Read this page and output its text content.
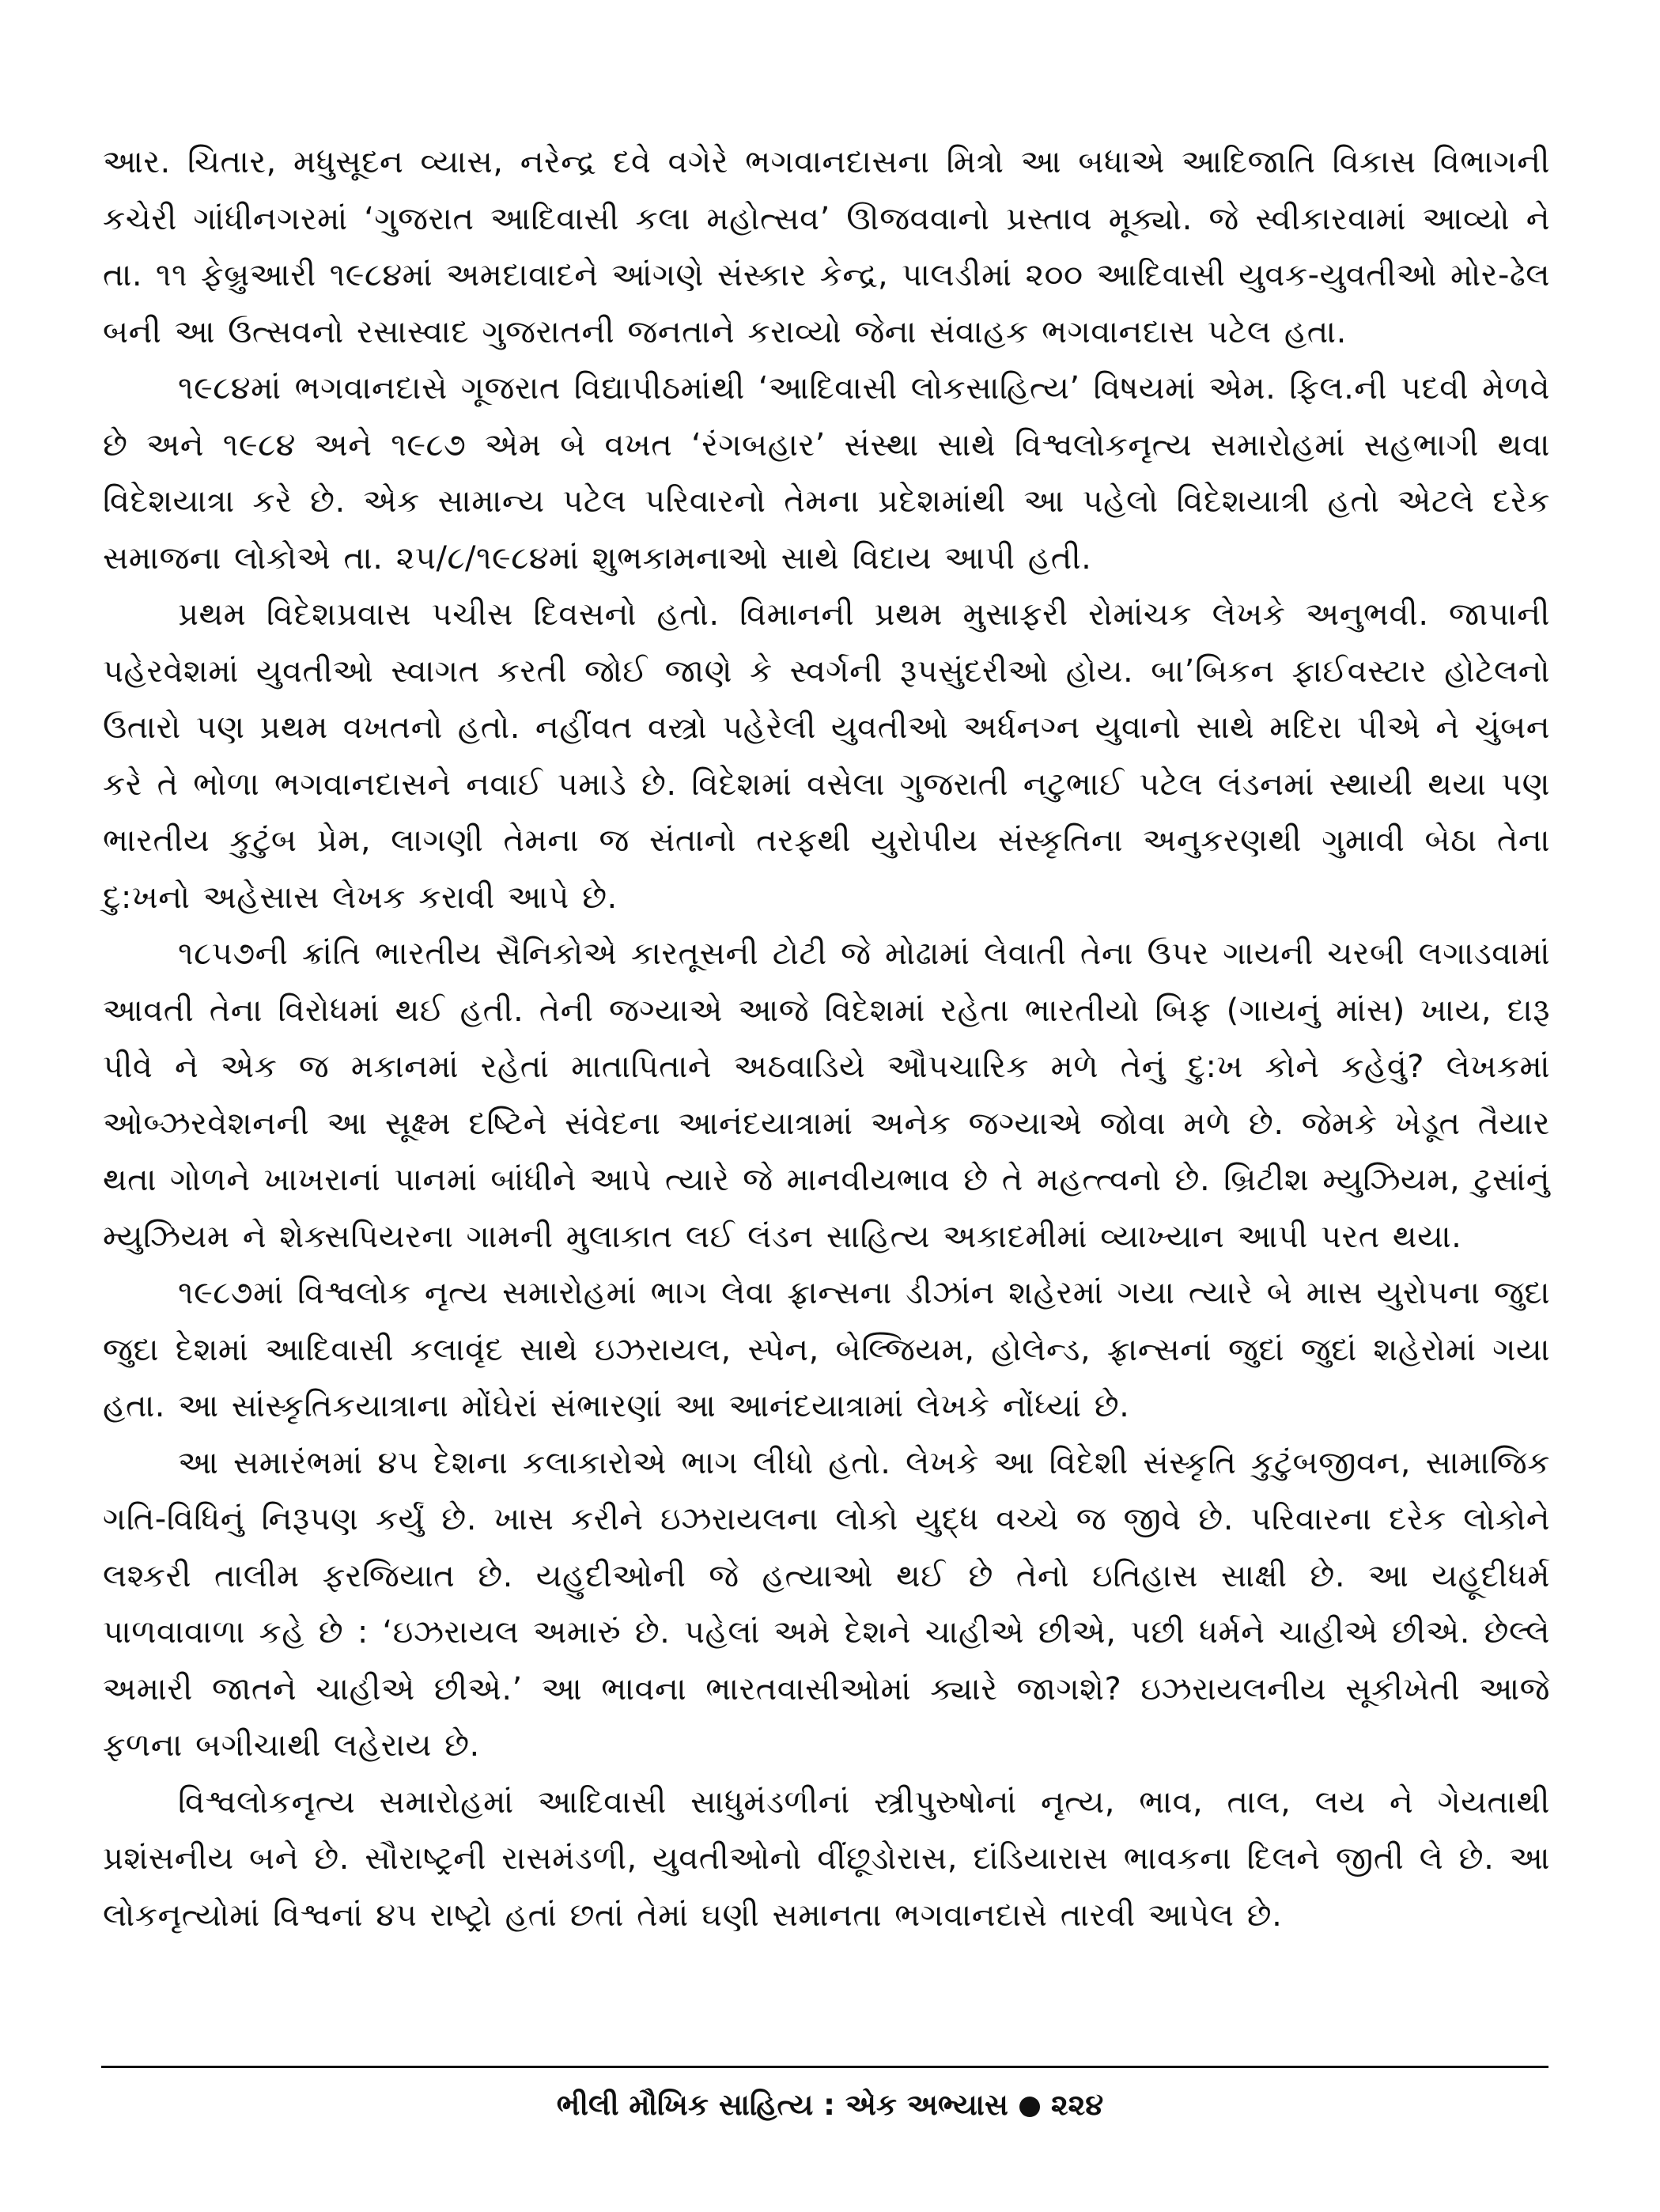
આર. ચિતાર, મધુસૂદન વ્યાસ, નરેન્દ્ર દવે વગેરે ભગવાનદાસના મિત્રો આ બધાએ આદિજાતિ વિકાસ વિભાગની કચેરી ગાંધીનગરમાં ‘ગુજરાત આદિવાસી કલા મહોત્સવ’ ઊજવવાનો પ્રસ્તાવ મૂક્યો. જે સ્વીકારવામાં આવ્યો ને તા. ૧૧ ફેબ્રુઆરી ૧૯૮૪માં અમદાવાદને આંગણે સંસ્કાર કેન્દ્ર, પાલડીમાં ૨૦૦ આદિવાસી યુવક-યુવતીઓ મોર-ઢેલ બની આ ઉત્સવનો રસાસ્વાદ ગુજરાતની જનતાને કરાવ્યો જેના સંવાહક ભગવાનદાસ પટેલ હતા.

૧૯૮૪માં ભગવાનદાસે ગૂજરાત વિદ્યાપીઠમાંથી ‘આદિવાસી લોકસાહિત્ય’ વિષયમાં એમ. ફિલ.ની પદવી મેળવે છે અને ૧૯૮૪ અને ૧૯૮૭ એમ બે વખત ‘રંગબહાર’ સંસ્થા સાથે વિશ્વલોકનૃત્ય સમારોહમાં સહભાગી થવા વિદેશયાત્રા કરે છે. એક સામાન્ય પટેલ પરિવારનો તેમના પ્રદેશમાંથી આ પહેલો વિદેશયાત્રી હતો એટલે દરેક સમાજના લોકોએ તા. ૨૫/૮/૧૯૮૪માં શુભકામનાઓ સાથે વિદાય આપી હતી.

પ્રથમ વિદેશપ્રવાસ પચીસ દિવસનો હતો. વિમાનની પ્રથમ મુસાફરી રોમાંચક લેખકે અનુભવી. જાપાની પહેરવેશમાં યુવતીઓ સ્વાગત કરતી જોઈ જાણે કે સ્વર્ગની રૂપસુંદરીઓ હોય. બા’બિકન ફાઈવસ્ટાર હોટેલનો ઉતારો પણ પ્રથમ વખતનો હતો. નહીંવત વસ્ત્રો પહેરેલી યુવતીઓ અર્ધનગ્ન યુવાનો સાથે મદિરા પીએ ને ચુંબન કરે તે ભોળા ભગવાનદાસને નવાઈ પમાડે છે. વિદેશમાં વસેલા ગુજરાતી નટુભાઈ પટેલ લંડનમાં સ્થાયી થયા પણ ભારતીય કુટુંબ પ્રેમ, લાગણી તેમના જ સંતાનો તરફથી યુરોપીય સંસ્કૃતિના અનુકરણથી ગુમાવી બેઠા તેના દુ:ખનો અહેસાસ લેખક કરાવી આપે છે.

૧૮૫૭ની ક્રાંતિ ભારતીય સૈનિકોએ કારતૂસની ટોટી જે મોઢામાં લેવાતી તેના ઉપર ગાયની ચરબી લગાડવામાં આવતી તેના વિરોધમાં થઈ હતી. તેની જગ્યાએ આજે વિદેશમાં રહેતા ભારતીયો બિફ (ગાયનું માંસ) ખાય, દારૂ પીવે ને એક જ મકાનમાં રહેતાં માતાપિતાને અઠવાડિયે ઔપચારિક મળે તેનું દુ:ખ કોને કહેવું? લેખકમાં ઓબ્ઝરવેશનની આ સૂક્ષ્મ દષ્ટિને સંવેદના આનંદયાત્રામાં અનેક જગ્યાએ જોવા મળે છે. જેમકે ખેડૂત તૈયાર થતા ગોળને ખાખરાનાં પાનમાં બાંધીને આપે ત્યારે જે માનવીયભાવ છે તે મહત્ત્વનો છે. બ્રિટીશ મ્યુઝિયમ, ટુસાંનું મ્યુઝિયમ ને શેક્સપિયરના ગામની મુલાકાત લઈ લંડન સાહિત્ય અકાદમીમાં વ્યાખ્યાન આપી પરત થયા.

૧૯૮૭માં વિશ્વલોક નૃત્ય સમારોહમાં ભાગ લેવા ફ્રાન્સના ડીઝાંન શહેરમાં ગયા ત્યારે બે માસ યુરોપના જુદા જુદા દેશમાં આદિવાસી કલાવૃંદ સાથે ઇઝરાયલ, સ્પેન, બેલ્જિયમ, હોલેન્ડ, ફ્રાન્સનાં જુદાં જુદાં શહેરોમાં ગયા હતા. આ સાંસ્કૃતિકયાત્રાના મોંઘેરાં સંભારણાં આ આનંદયાત્રામાં લેખકે નોંધ્યાં છે.

આ સમારંભમાં ૪૫ દેશના કલાકારોએ ભાગ લીધો હતો. લેખકે આ વિદેશી સંસ્કૃતિ કુટુંબજીવન, સામાજિક ગતિ-વિધિનું નિરૂપણ કર્યું છે. ખાસ કરીને ઇઝરાયલના લોકો યુદ્ધ વચ્ચે જ જીવે છે. પરિવારના દરેક લોકોને લશ્કરી તાલીમ ફરજિયાત છે. યહુદીઓની જે હત્યાઓ થઈ છે તેનો ઇતિહાસ સાક્ષી છે. આ યહૂદીધર્મ પાળવાવાળા કહે છે : ‘ઇઝરાયલ અમારું છે. પહેલાં અમે દેશને ચાહીએ છીએ, પછી ધર્મને ચાહીએ છીએ. છેલ્લે અમારી જાતને ચાહીએ છીએ.’ આ ભાવના ભારતવાસીઓમાં ક્યારે જાગશે? ઇઝરાયલનીય સૂકીખેતી આજે ફળના બગીચાથી લહેરાય છે.

વિશ્વલોકનૃત્ય સમારોહમાં આદિવાસી સાધુમંડળીનાં સ્ત્રીપુરુષોનાં નૃત્ય, ભાવ, તાલ, લય ને ગેયતાથી પ્રશંસનીય બને છે. સૌરાષ્ટ્રની રાસમંડળી, યુવતીઓનો વીંછૂડોરાસ, દાંડિયારાસ ભાવકના દિલને જીતી લે છે. આ લોકનૃત્યોમાં વિશ્વનાં ૪૫ રાષ્ટ્રો હતાં છતાં તેમાં ઘણી સમાનતા ભગવાનદાસે તારવી આપેલ છે.

ભીલી મૌખિક સાહિત્ય : એક અભ્યાસ ૨૨૪
